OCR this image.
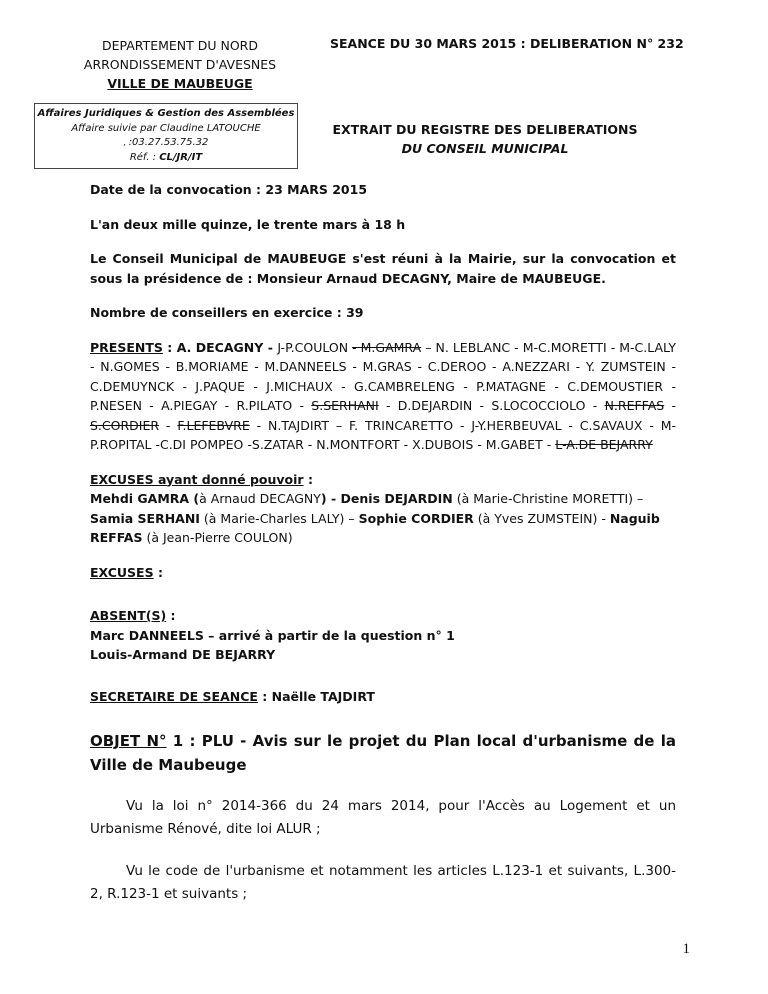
DEPARTEMENT DU NORD
ARRONDISSEMENT D'AVESNES
VILLE DE MAUBEUGE
SEANCE DU 30 MARS 2015 : DELIBERATION N° 232
Affaires Juridiques & Gestion des Assemblées
Affaire suivie par Claudine LATOUCHE
, :03.27.53.75.32
Réf. : CL/JR/IT
EXTRAIT DU REGISTRE DES DELIBERATIONS
DU CONSEIL MUNICIPAL

Date de la convocation : 23 MARS 2015

L'an deux mille quinze, le trente mars à 18 h

Le Conseil Municipal de MAUBEUGE s'est réuni à la Mairie, sur la convocation et sous la présidence de : Monsieur Arnaud DECAGNY, Maire de MAUBEUGE.

Nombre de conseillers en exercice : 39

PRESENTS : A. DECAGNY - J-P.COULON - M.GAMRA – N. LEBLANC - M-C.MORETTI - M-C.LALY - N.GOMES - B.MORIAME - M.DANNEELS - M.GRAS - C.DEROO - A.NEZZARI - Y. ZUMSTEIN - C.DEMUYNCK - J.PAQUE - J.MICHAUX - G.CAMBRELENG - P.MATAGNE - C.DEMOUSTIER - P.NESEN - A.PIEGAY - R.PILATO - S.SERHANI - D.DEJARDIN - S.LOCOCCIOLO - N.REFFAS - S.CORDIER - F.LEFEBVRE - N.TAJDIRT – F. TRINCARETTO - J-Y.HERBEUVAL - C.SAVAUX - M-P.ROPITAL -C.DI POMPEO -S.ZATAR - N.MONTFORT - X.DUBOIS - M.GABET - L-A.DE BEJARRY

EXCUSES ayant donné pouvoir :

Mehdi GAMRA (à Arnaud DECAGNY) - Denis DEJARDIN (à Marie-Christine MORETTI) – Samia SERHANI (à Marie-Charles LALY) – Sophie CORDIER (à Yves ZUMSTEIN) - Naguib REFFAS (à Jean-Pierre COULON)

EXCUSES :

ABSENT(S) :

Marc DANNEELS – arrivé à partir de la question n° 1

Louis-Armand DE BEJARRY

SECRETAIRE DE SEANCE : Naëlle TAJDIRT

OBJET N° 1 : PLU - Avis sur le projet du Plan local d'urbanisme de la Ville de Maubeuge

Vu la loi n° 2014-366 du 24 mars 2014, pour l'Accès au Logement et un Urbanisme Rénové, dite loi ALUR ;

Vu le code de l'urbanisme et notamment les articles L.123-1 et suivants, L.300-2, R.123-1 et suivants ;

1
